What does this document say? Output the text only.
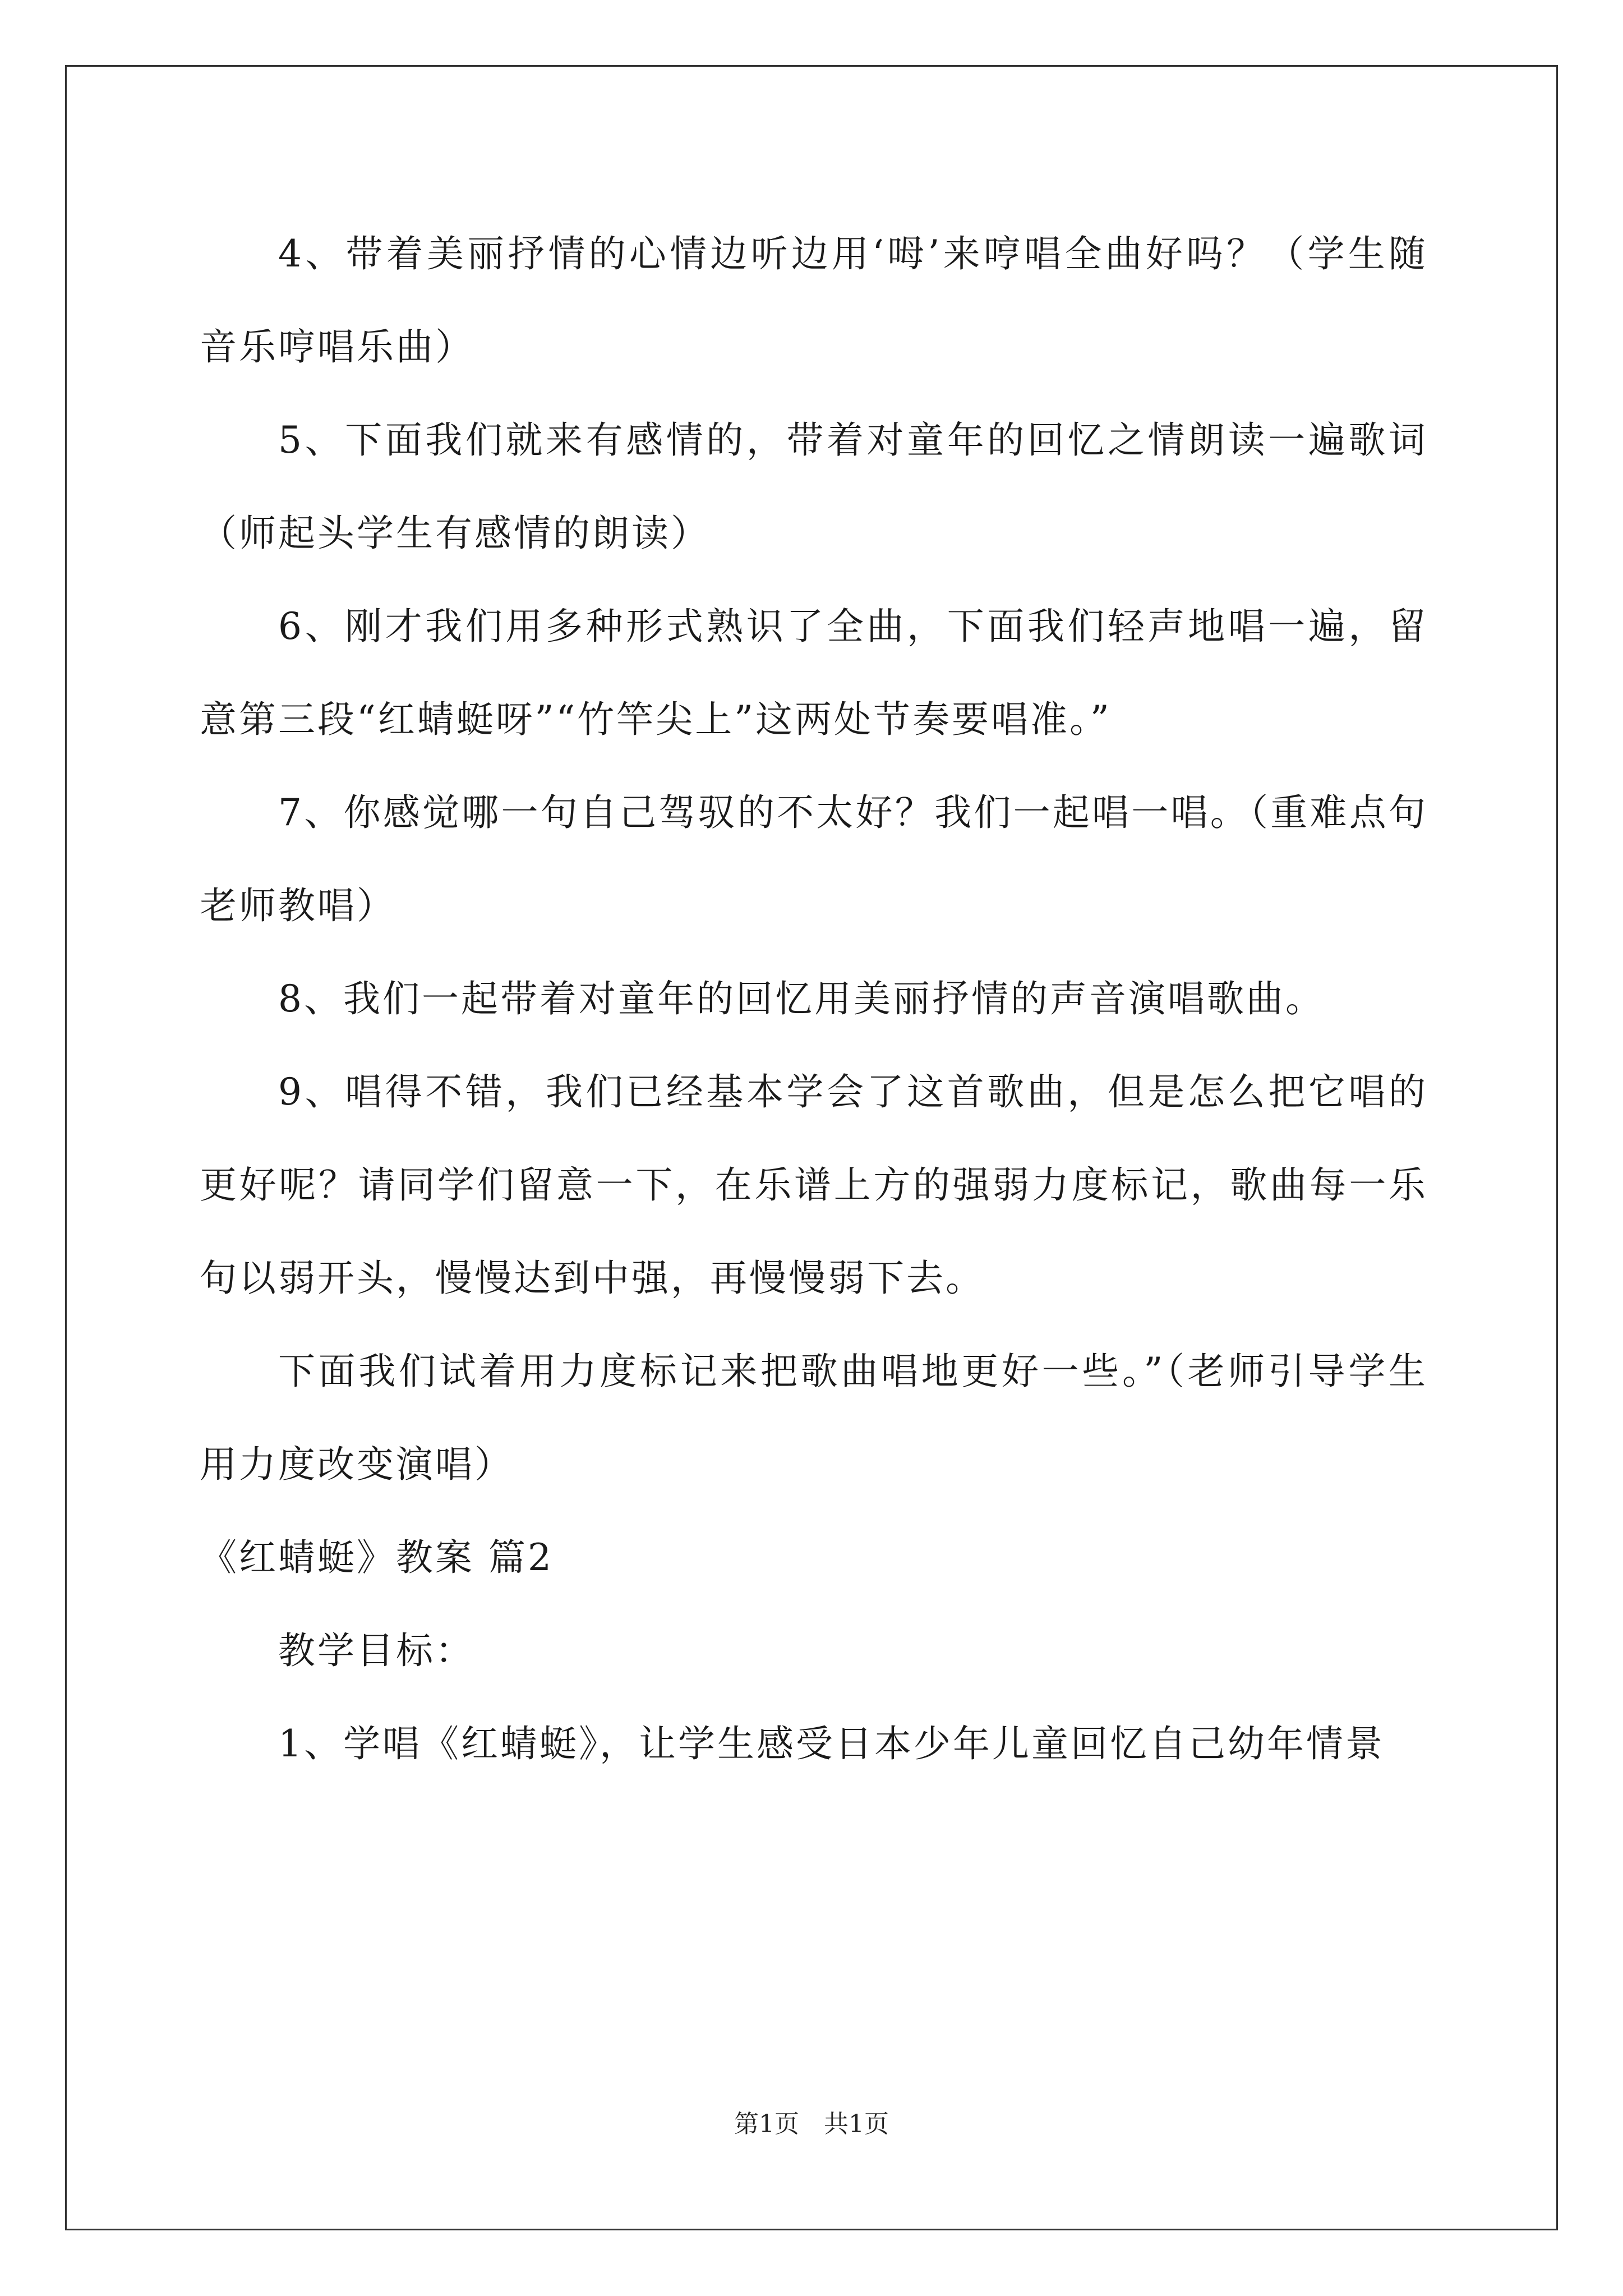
4、带着美丽抒情的心情边听边用‘呣’来哼唱全曲好吗？（学生随音乐哼唱乐曲）

5、下面我们就来有感情的，带着对童年的回忆之情朗读一遍歌词（师起头学生有感情的朗读）

6、刚才我们用多种形式熟识了全曲，下面我们轻声地唱一遍，留意第三段“红蜻蜓呀”“竹竿尖上”这两处节奏要唱准。”

7、你感觉哪一句自己驾驭的不太好？我们一起唱一唱。（重难点句老师教唱）

8、我们一起带着对童年的回忆用美丽抒情的声音演唱歌曲。

9、唱得不错，我们已经基本学会了这首歌曲，但是怎么把它唱的更好呢？请同学们留意一下，在乐谱上方的强弱力度标记，歌曲每一乐句以弱开头，慢慢达到中强，再慢慢弱下去。

下面我们试着用力度标记来把歌曲唱地更好一些。”（老师引导学生用力度改变演唱）

《红蜻蜓》教案 篇2

教学目标：

1、学唱《红蜻蜓》，让学生感受日本少年儿童回忆自己幼年情景

第1页　共1页
